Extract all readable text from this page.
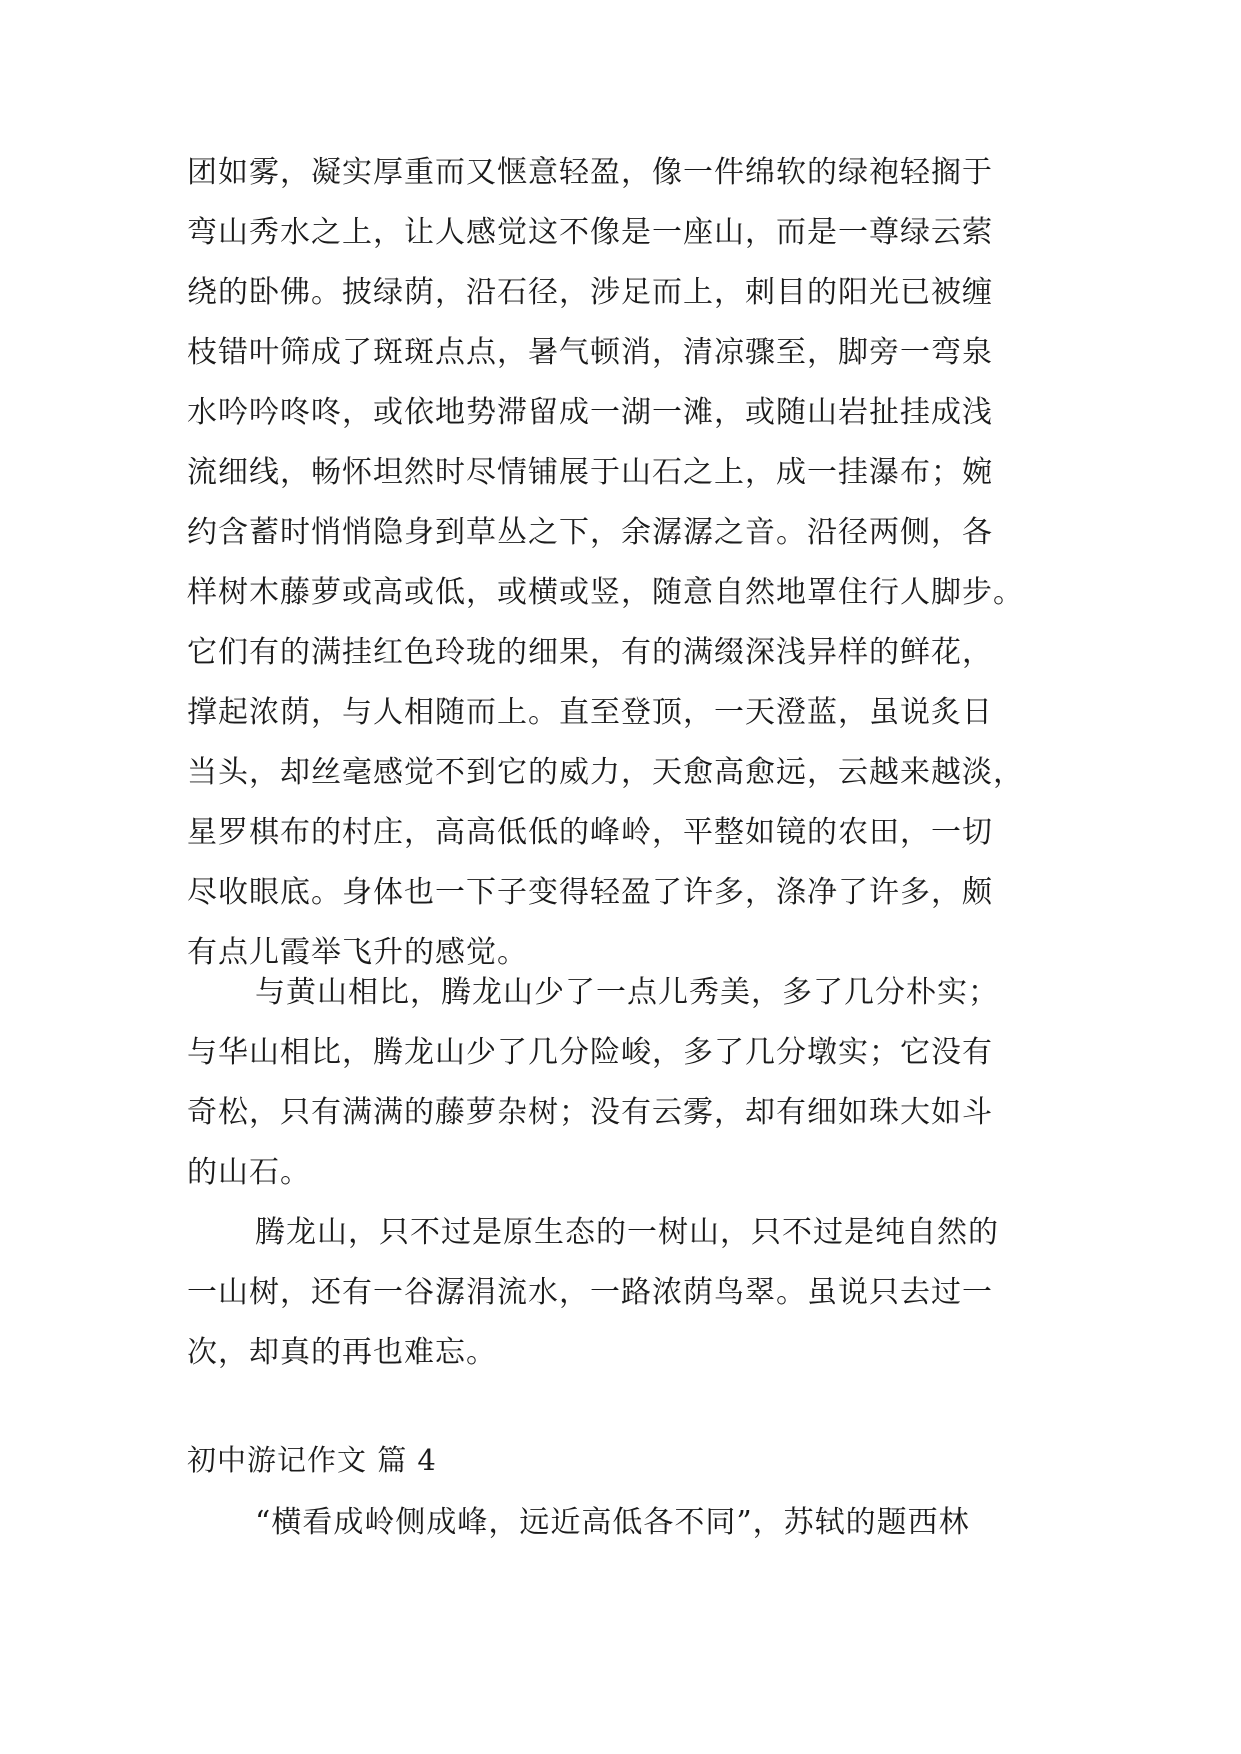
团如雾，凝实厚重而又惬意轻盈，像一件绵软的绿袍轻搁于
弯山秀水之上，让人感觉这不像是一座山，而是一尊绿云萦
绕的卧佛。披绿荫，沿石径，涉足而上，刺目的阳光已被缠
枝错叶筛成了斑斑点点，暑气顿消，清凉骤至，脚旁一弯泉
水吟吟咚咚，或依地势滞留成一湖一滩，或随山岩扯挂成浅
流细线，畅怀坦然时尽情铺展于山石之上，成一挂瀑布；婉
约含蓄时悄悄隐身到草丛之下，余潺潺之音。沿径两侧，各
样树木藤萝或高或低，或横或竖，随意自然地罩住行人脚步。
它们有的满挂红色玲珑的细果，有的满缀深浅异样的鲜花，
撑起浓荫，与人相随而上。直至登顶，一天澄蓝，虽说炙日
当头，却丝毫感觉不到它的威力，天愈高愈远，云越来越淡，
星罗棋布的村庄，高高低低的峰岭，平整如镜的农田，一切
尽收眼底。身体也一下子变得轻盈了许多，涤净了许多，颇
有点儿霞举飞升的感觉。
与黄山相比，腾龙山少了一点儿秀美，多了几分朴实；
与华山相比，腾龙山少了几分险峻，多了几分墩实；它没有
奇松，只有满满的藤萝杂树；没有云雾，却有细如珠大如斗
的山石。
腾龙山，只不过是原生态的一树山，只不过是纯自然的
一山树，还有一谷潺涓流水，一路浓荫鸟翠。虽说只去过一
次，却真的再也难忘。
初中游记作文 篇 4
“横看成岭侧成峰，远近高低各不同”，苏轼的题西林
